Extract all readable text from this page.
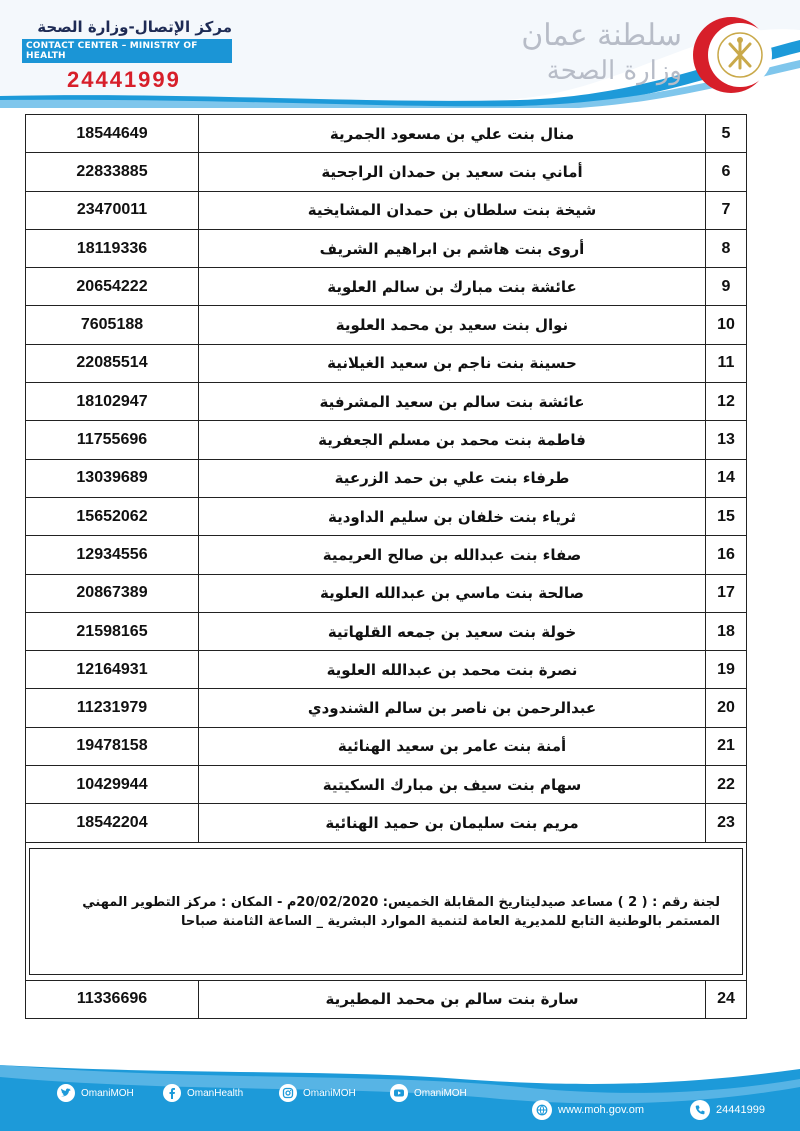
مركز الإتصال-وزارة الصحة
CONTACT CENTER – MINISTRY OF HEALTH
24441999
سلطنة عمان
وزارة الصحة
18544649	منال بنت علي بن مسعود الجمرية	5
22833885	أماني بنت سعيد بن حمدان الراجحية	6
23470011	شيخة بنت سلطان بن حمدان المشايخية	7
18119336	أروى بنت هاشم بن ابراهيم الشريف	8
20654222	عائشة بنت مبارك بن سالم العلوية	9
7605188	نوال بنت سعيد بن محمد العلوية	10
22085514	حسينة بنت ناجم بن سعيد الغيلانية	11
18102947	عائشة بنت سالم بن سعيد المشرفية	12
11755696	فاطمة بنت محمد بن مسلم الجعفرية	13
13039689	طرفاء بنت علي بن حمد الزرعية	14
15652062	ثرياء بنت خلفان بن سليم الداودية	15
12934556	صفاء بنت عبدالله بن صالح العريمية	16
20867389	صالحة بنت ماسي بن عبدالله العلوية	17
21598165	خولة بنت سعيد بن جمعه القلهاتية	18
12164931	نصرة بنت محمد بن عبدالله العلوية	19
11231979	عبدالرحمن بن ناصر بن سالم الشندودي	20
19478158	أمنة بنت عامر بن سعيد الهنائية	21
10429944	سهام بنت سيف بن مبارك السكيتية	22
18542204	مريم بنت سليمان بن حميد الهنائية	23

لجنة رقم : ( 2 ) مساعد صيدليتاريخ المقابلة الخميس: 20/02/2020م - المكان : مركز التطوير المهني المستمر بالوطنية التابع للمديرية العامة لتنمية الموارد البشرية _ الساعة الثامنة صباحا		

11336696	سارة بنت سالم بن محمد المطيرية	24
OmaniMOH	OmanHealth	OmaniMOH	OmaniMOH
www.moh.gov.om	24441999
